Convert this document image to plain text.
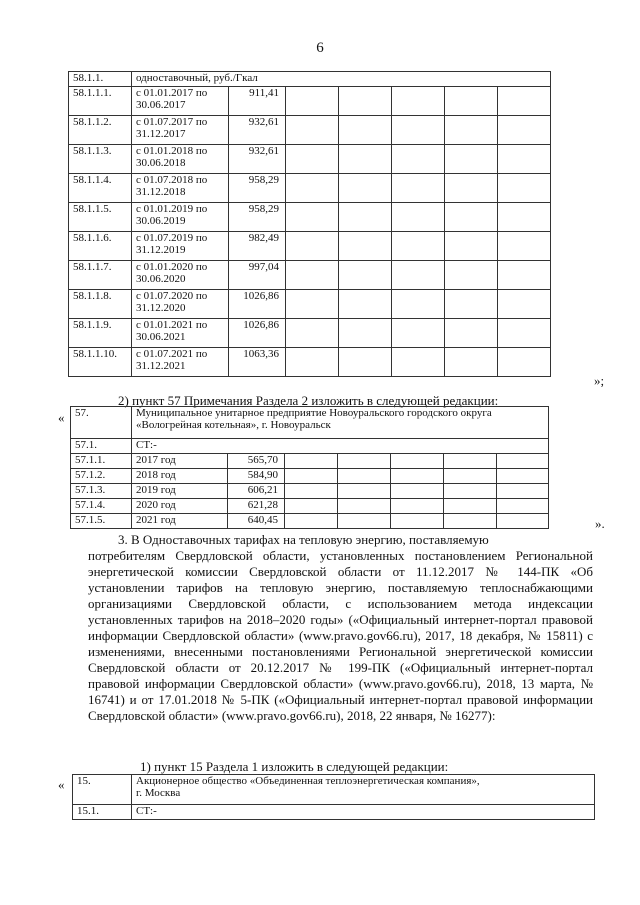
6
58.1.1.	одноставочный, руб./Гкал						
58.1.1.1.	с 01.01.2017 по
30.06.2017	911,41					
58.1.1.2.	с 01.07.2017 по
31.12.2017	932,61					
58.1.1.3.	с 01.01.2018 по
30.06.2018	932,61					
58.1.1.4.	с 01.07.2018 по
31.12.2018	958,29					
58.1.1.5.	с 01.01.2019 по
30.06.2019	958,29					
58.1.1.6.	с 01.07.2019 по
31.12.2019	982,49					
58.1.1.7.	с 01.01.2020 по
30.06.2020	997,04					
58.1.1.8.	с 01.07.2020 по
31.12.2020	1026,86					
58.1.1.9.	с 01.01.2021 по
30.06.2021	1026,86					
58.1.1.10.	с 01.07.2021 по
31.12.2021	1063,36					
»;
2) пункт 57 Примечания Раздела 2 изложить в следующей редакции:
« 57.	Муниципальное унитарное предприятие Новоуральского городского округа
«Вологрейная котельная», г. Новоуральск						

57.1.	СТ:-						
57.1.1.	2017 год	565,70					
57.1.2.	2018 год	584,90					
57.1.3.	2019 год	606,21					
57.1.4.	2020 год	621,28					
57.1.5.	2021 год	640,45						».
3. В Одноставочных тарифах на тепловую энергию, поставляемую
потребителям Свердловской области, установленных постановлением Региональной энергетической комиссии Свердловской области от 11.12.2017 № 144-ПК «Об установлении тарифов на тепловую энергию, поставляемую теплоснабжающими организациями Свердловской области, с использованием метода индексации установленных тарифов на 2018–2020 годы» («Официальный интернет-портал правовой информации Свердловской области» (www.pravo.gov66.ru), 2017, 18 декабря, № 15811) с изменениями, внесенными постановлениями Региональной энергетической комиссии Свердловской области от 20.12.2017 № 199-ПК («Официальный интернет-портал правовой информации Свердловской области» (www.pravo.gov66.ru), 2018, 13 марта, № 16741) и от 17.01.2018 № 5-ПК («Официальный интернет-портал правовой информации Свердловской области» (www.pravo.gov66.ru), 2018, 22 января, № 16277):
1) пункт 15 Раздела 1 изложить в следующей редакции:
« 15.	Акционерное общество «Объединенная теплоэнергетическая компания»,
г. Москва

15.1.	СТ:-
